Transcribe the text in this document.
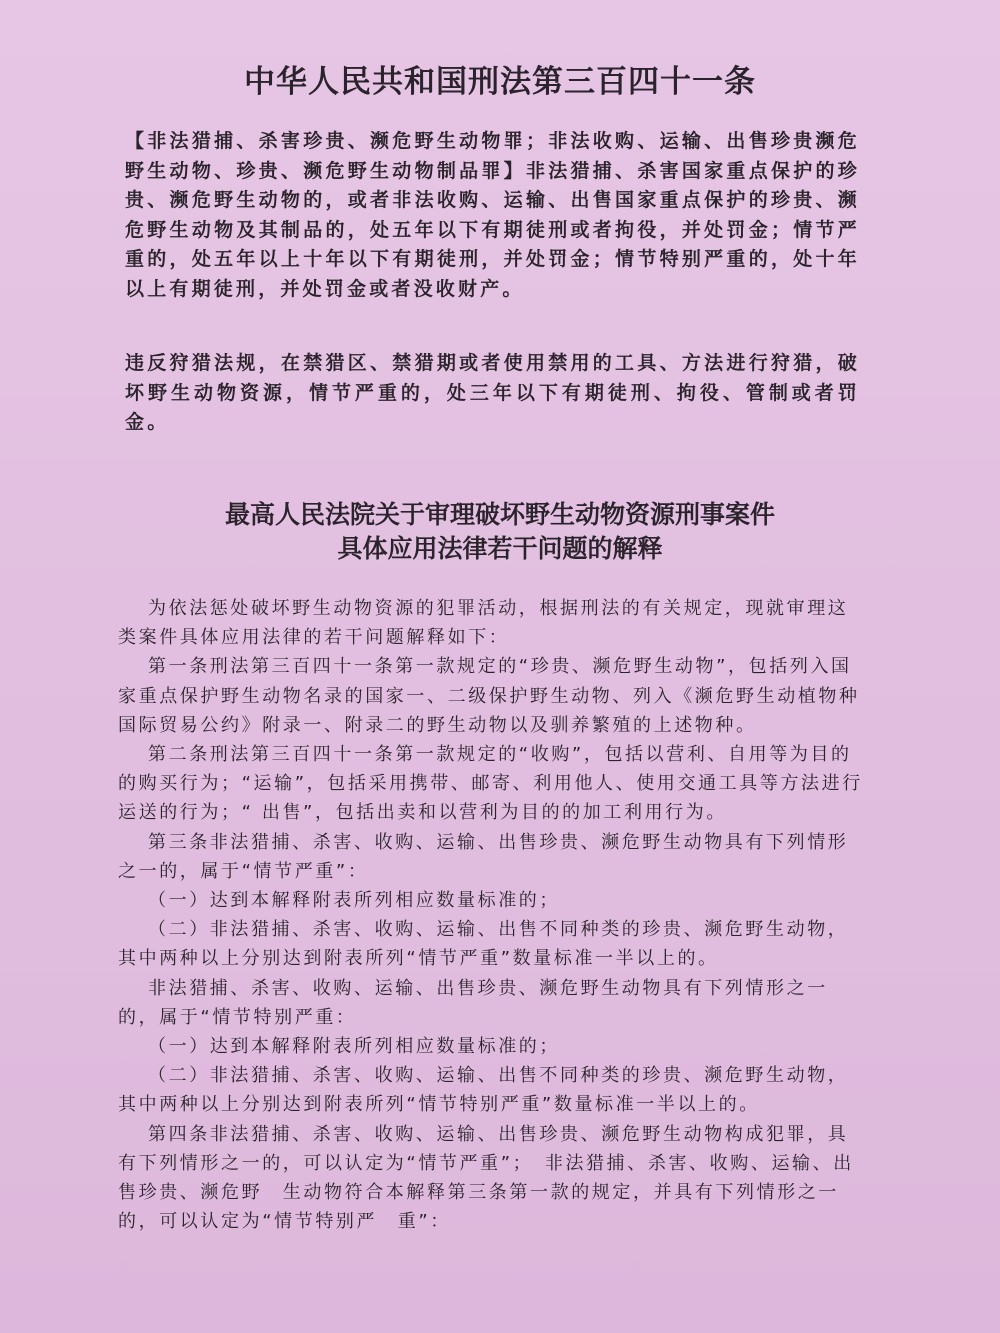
中华人民共和国刑法第三百四十一条
【非法猎捕、杀害珍贵、濒危野生动物罪；非法收购、运输、出售珍贵濒危野生动物、珍贵、濒危野生动物制品罪】非法猎捕、杀害国家重点保护的珍贵、濒危野生动物的，或者非法收购、运输、出售国家重点保护的珍贵、濒危野生动物及其制品的，处五年以下有期徒刑或者拘役，并处罚金；情节严重的，处五年以上十年以下有期徒刑，并处罚金；情节特别严重的，处十年以上有期徒刑，并处罚金或者没收财产。
违反狩猎法规，在禁猎区、禁猎期或者使用禁用的工具、方法进行狩猎，破坏野生动物资源，情节严重的，处三年以下有期徒刑、拘役、管制或者罚金。
最高人民法院关于审理破坏野生动物资源刑事案件
具体应用法律若干问题的解释

为依法惩处破坏野生动物资源的犯罪活动，根据刑法的有关规定，现就审理这类案件具体应用法律的若干问题解释如下：

第一条刑法第三百四十一条第一款规定的“珍贵、濒危野生动物”，包括列入国家重点保护野生动物名录的国家一、二级保护野生动物、列入《濒危野生动植物种国际贸易公约》附录一、附录二的野生动物以及驯养繁殖的上述物种。

第二条刑法第三百四十一条第一款规定的“收购”，包括以营利、自用等为目的的购买行为；“运输”，包括采用携带、邮寄、利用他人、使用交通工具等方法进行运送的行为；“ 出售”，包括出卖和以营利为目的的加工利用行为。

第三条非法猎捕、杀害、收购、运输、出售珍贵、濒危野生动物具有下列情形之一的，属于“情节严重”：

（一）达到本解释附表所列相应数量标准的；

（二）非法猎捕、杀害、收购、运输、出售不同种类的珍贵、濒危野生动物，其中两种以上分别达到附表所列“情节严重”数量标准一半以上的。

非法猎捕、杀害、收购、运输、出售珍贵、濒危野生动物具有下列情形之一的，属于“情节特别严重：

（一）达到本解释附表所列相应数量标准的；

（二）非法猎捕、杀害、收购、运输、出售不同种类的珍贵、濒危野生动物，其中两种以上分别达到附表所列“情节特别严重”数量标准一半以上的。

第四条非法猎捕、杀害、收购、运输、出售珍贵、濒危野生动物构成犯罪，具有下列情形之一的，可以认定为“情节严重”；　非法猎捕、杀害、收购、运输、出售珍贵、濒危野　生动物符合本解释第三条第一款的规定，并具有下列情形之一的，可以认定为“情节特别严　重”：
